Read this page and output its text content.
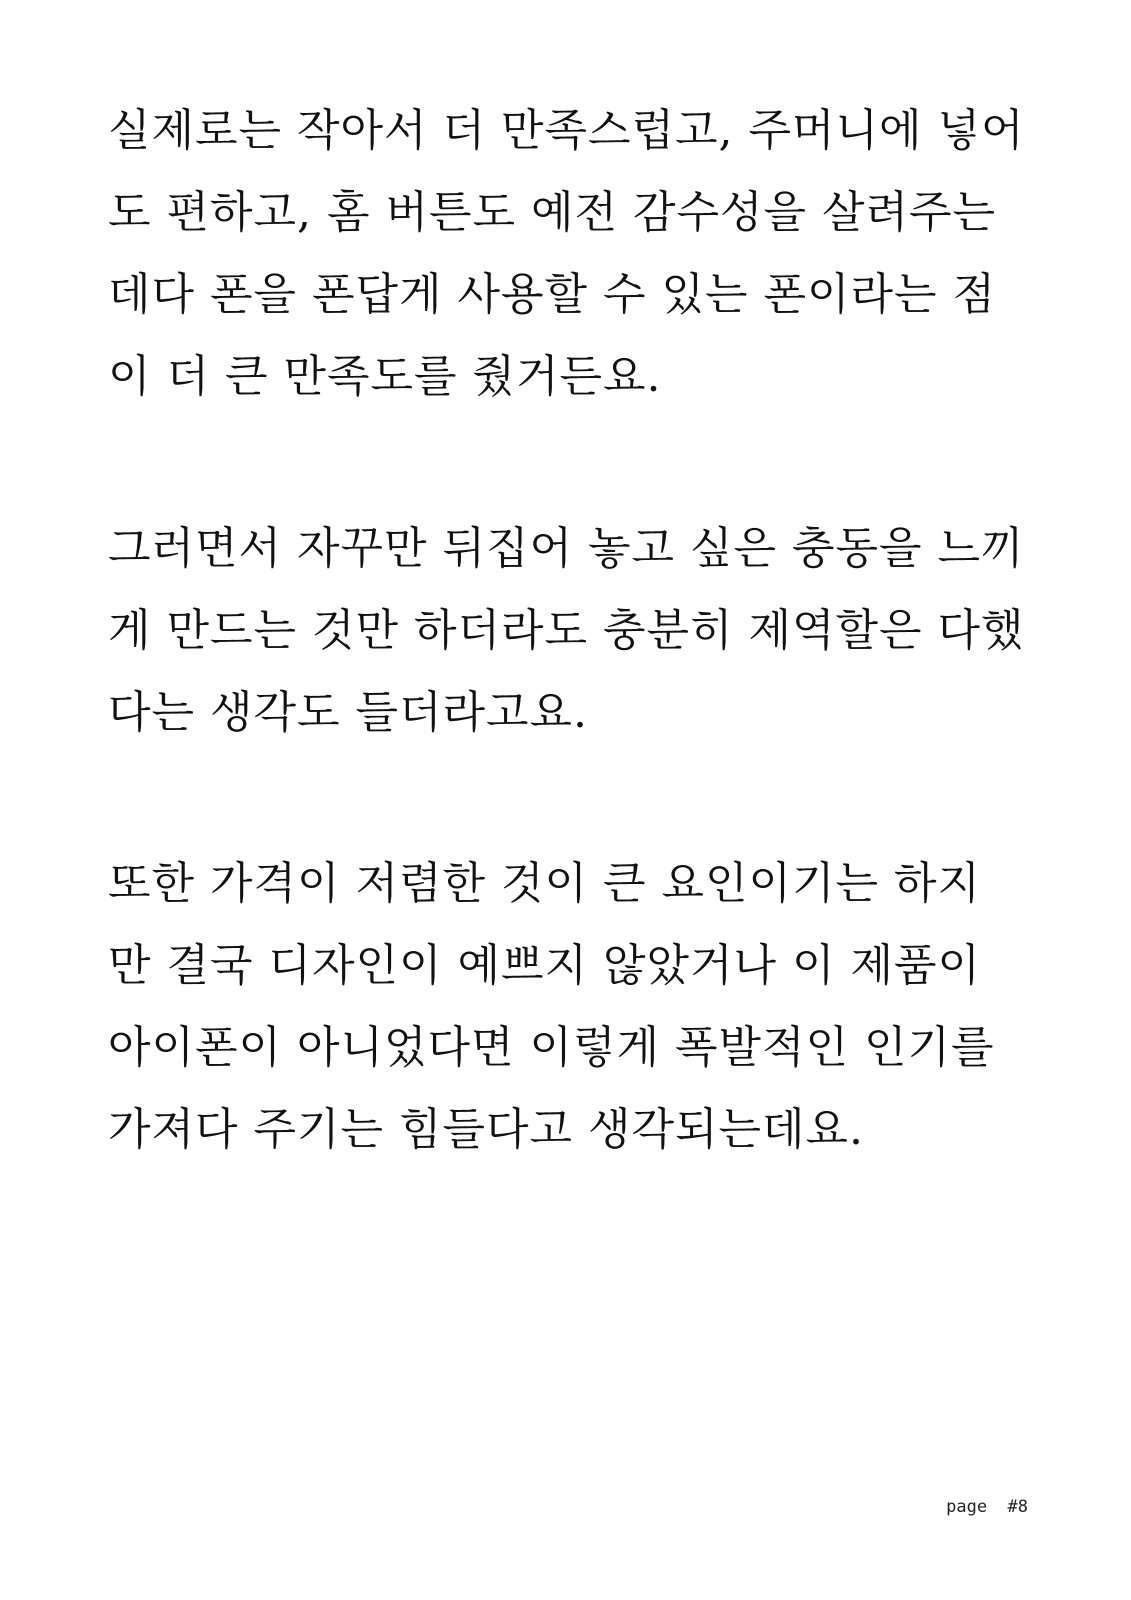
실제로는 작아서 더 만족스럽고, 주머니에 넣어
도 편하고, 홈 버튼도 예전 감수성을 살려주는
데다 폰을 폰답게 사용할 수 있는 폰이라는 점
이 더 큰 만족도를 줬거든요.
그러면서 자꾸만 뒤집어 놓고 싶은 충동을 느끼
게 만드는 것만 하더라도 충분히 제역할은 다했
다는 생각도 들더라고요.
또한 가격이 저렴한 것이 큰 요인이기는 하지
만 결국 디자인이 예쁘지 않았거나 이 제품이
아이폰이 아니었다면 이렇게 폭발적인 인기를
가져다 주기는 힘들다고 생각되는데요.
page  #8
